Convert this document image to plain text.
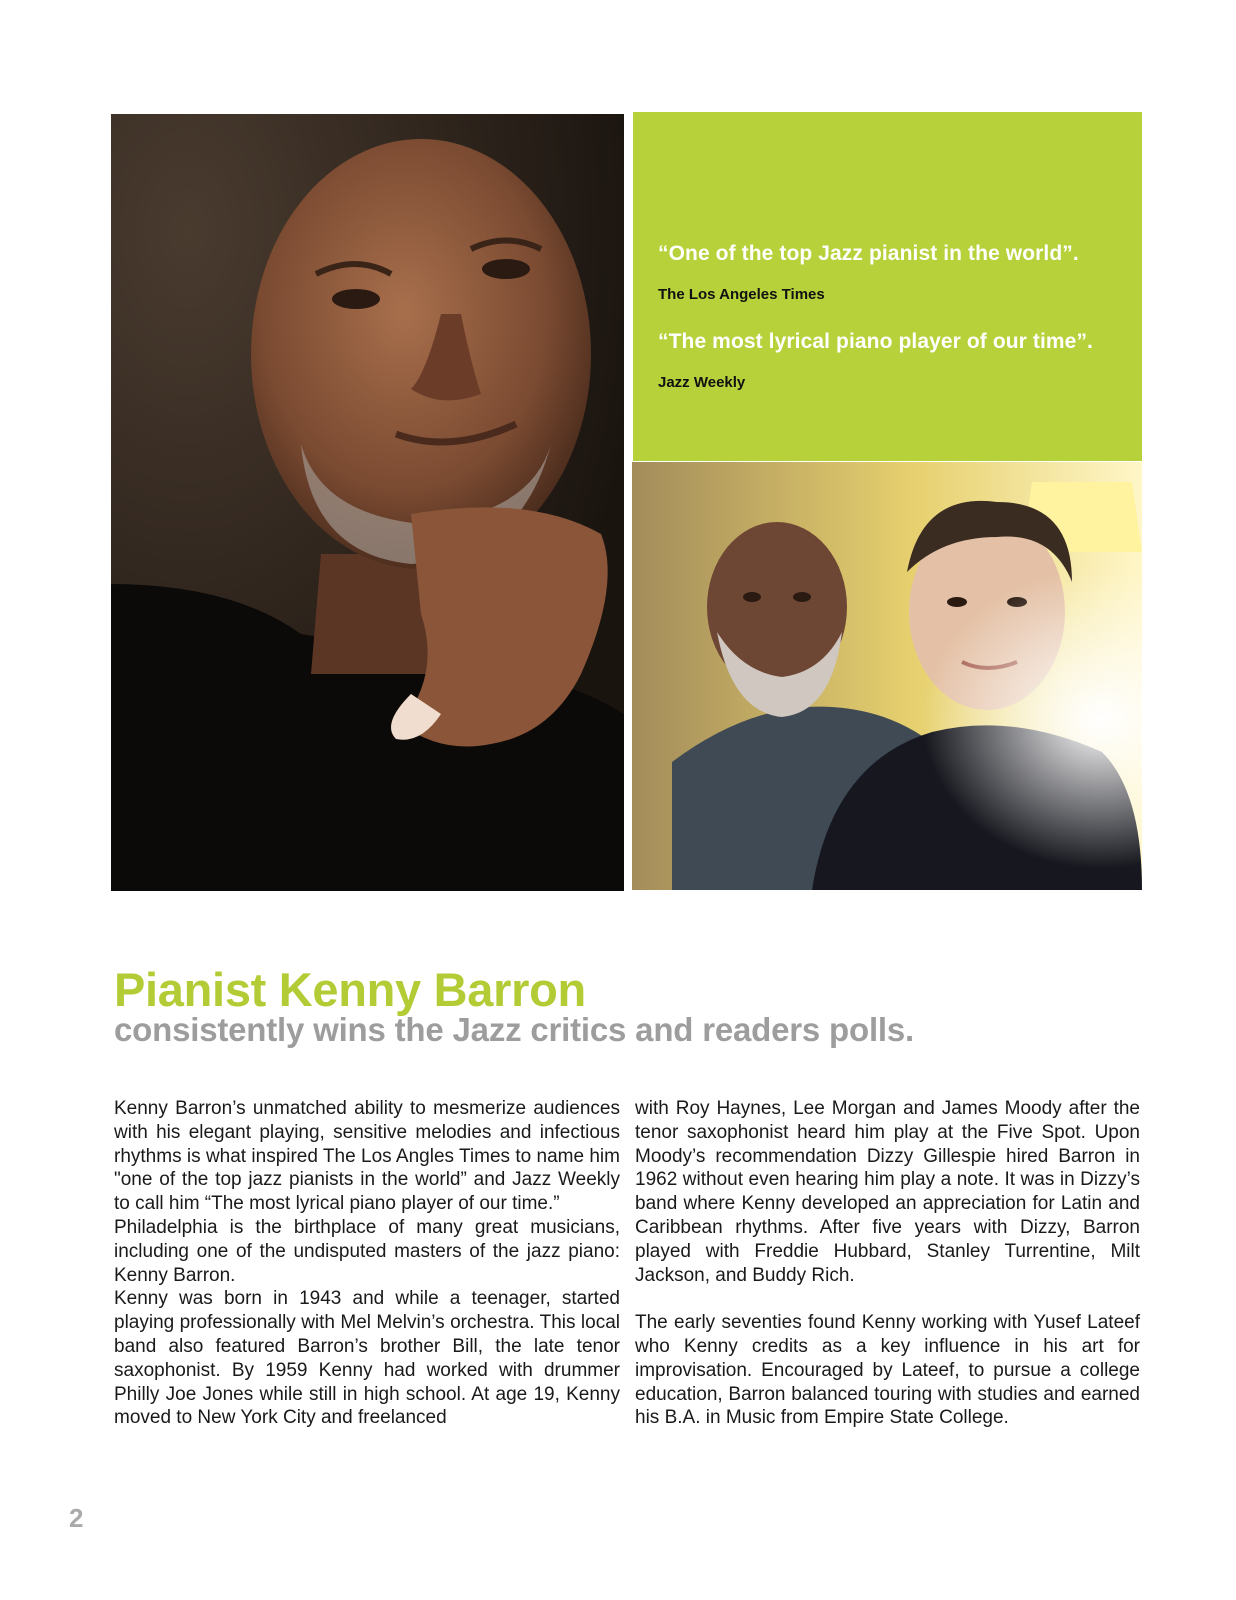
“One of the top Jazz pianist in the world”.

The Los Angeles Times

“The most lyrical piano player of our time”.

Jazz Weekly

Pianist Kenny Barron
consistently wins the Jazz critics and readers polls.

Kenny Barron’s unmatched ability to mesmerize audiences with his elegant playing, sensitive melodies and infectious rhythms is what inspired The Los Angles Times to name him "one of the top jazz pianists in the world” and Jazz Weekly to call him “The most lyrical piano player of our time.”

Philadelphia is the birthplace of many great musicians, including one of the undisputed masters of the jazz piano: Kenny Barron.

Kenny was born in 1943 and while a teenager, started playing professionally with Mel Melvin’s orchestra. This local band also featured Barron’s brother Bill, the late tenor saxophonist. By 1959 Kenny had worked with drummer Philly Joe Jones while still in high school. At age 19, Kenny moved to New York City and freelanced

with Roy Haynes, Lee Morgan and James Moody after the tenor saxophonist heard him play at the Five Spot. Upon Moody’s recommendation Dizzy Gillespie hired Barron in 1962 without even hearing him play a note. It was in Dizzy’s band where Kenny developed an appreciation for Latin and Caribbean rhythms. After five years with Dizzy, Barron played with Freddie Hubbard, Stanley Turrentine, Milt Jackson, and Buddy Rich.

The early seventies found Kenny working with Yusef Lateef who Kenny credits as a key influence in his art for improvisation. Encouraged by Lateef, to pursue a college education, Barron balanced touring with studies and earned his B.A. in Music from Empire State College.

2
